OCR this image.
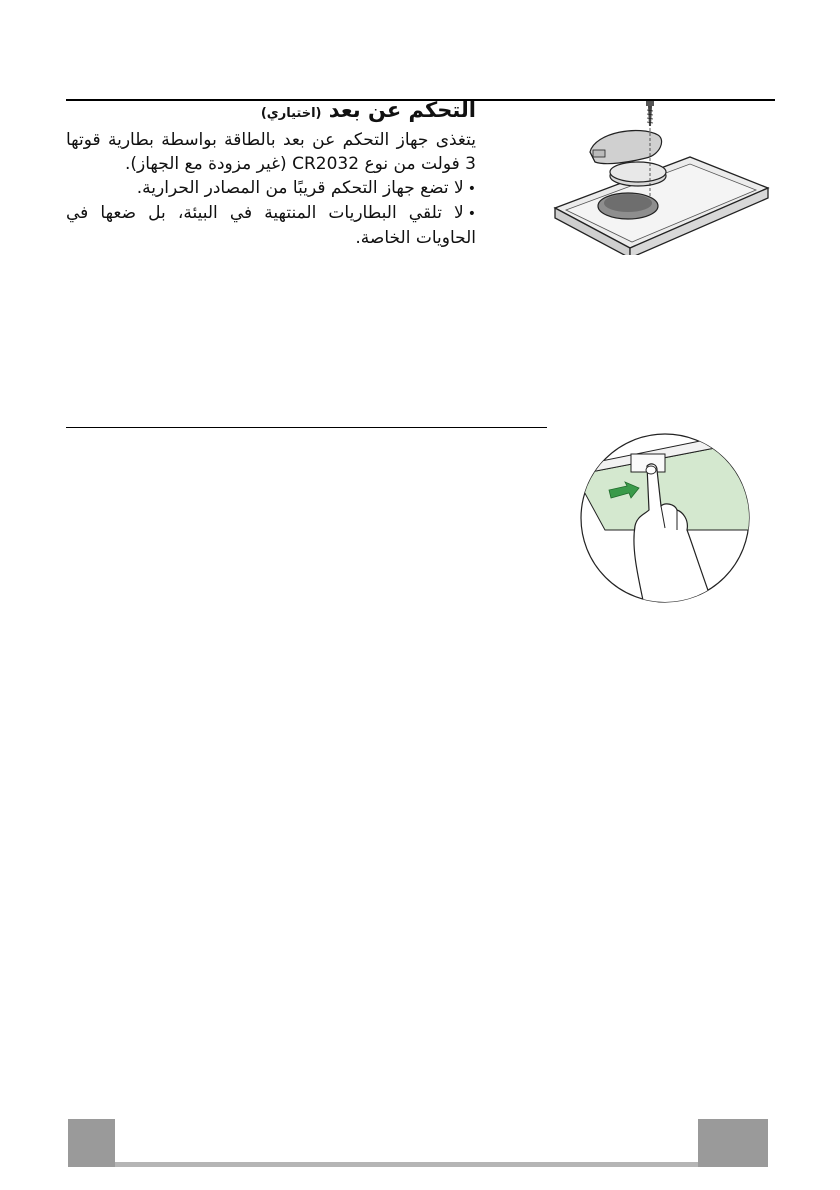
التحكم عن بعد (اختياري)

يتغذى جهاز التحكم عن بعد بالطاقة بواسطة بطارية قوتها 3 فولت من نوع CR2032 (غير مزودة مع الجهاز).

•لا تضع جهاز التحكم قريبًا من المصادر الحرارية.

•لا تلقي البطاريات المنتهية في البيئة، بل ضعها في الحاويات الخاصة.
